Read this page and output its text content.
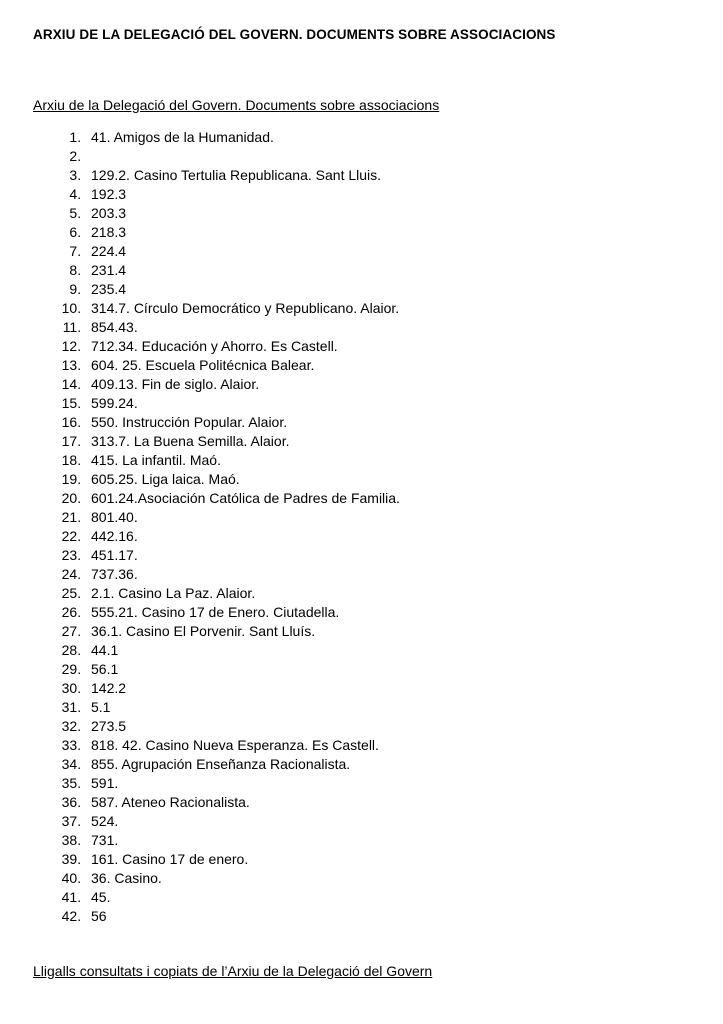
ARXIU DE LA DELEGACIÓ DEL GOVERN. DOCUMENTS SOBRE ASSOCIACIONS
Arxiu de la Delegació del Govern. Documents sobre associacions
1. 41. Amigos de la Humanidad.
2.
3. 129.2. Casino Tertulia Republicana. Sant Lluis.
4. 192.3
5. 203.3
6. 218.3
7. 224.4
8. 231.4
9. 235.4
10. 314.7. Círculo Democrático y Republicano. Alaior.
11. 854.43.
12. 712.34. Educación y Ahorro. Es Castell.
13. 604. 25. Escuela Politécnica Balear.
14. 409.13. Fin de siglo. Alaior.
15. 599.24.
16. 550. Instrucción Popular. Alaior.
17. 313.7. La Buena Semilla. Alaior.
18. 415. La infantil. Maó.
19. 605.25. Liga laica. Maó.
20. 601.24.Asociación Católica de Padres de Familia.
21. 801.40.
22. 442.16.
23. 451.17.
24. 737.36.
25. 2.1. Casino La Paz. Alaior.
26. 555.21. Casino 17 de Enero. Ciutadella.
27. 36.1. Casino El Porvenir. Sant Lluís.
28. 44.1
29. 56.1
30. 142.2
31. 5.1
32. 273.5
33. 818. 42. Casino Nueva Esperanza. Es Castell.
34. 855. Agrupación Enseñanza Racionalista.
35. 591.
36. 587. Ateneo Racionalista.
37. 524.
38. 731.
39. 161. Casino 17 de enero.
40. 36. Casino.
41. 45.
42. 56
Lligalls consultats i copiats de l’Arxiu de la Delegació del Govern
